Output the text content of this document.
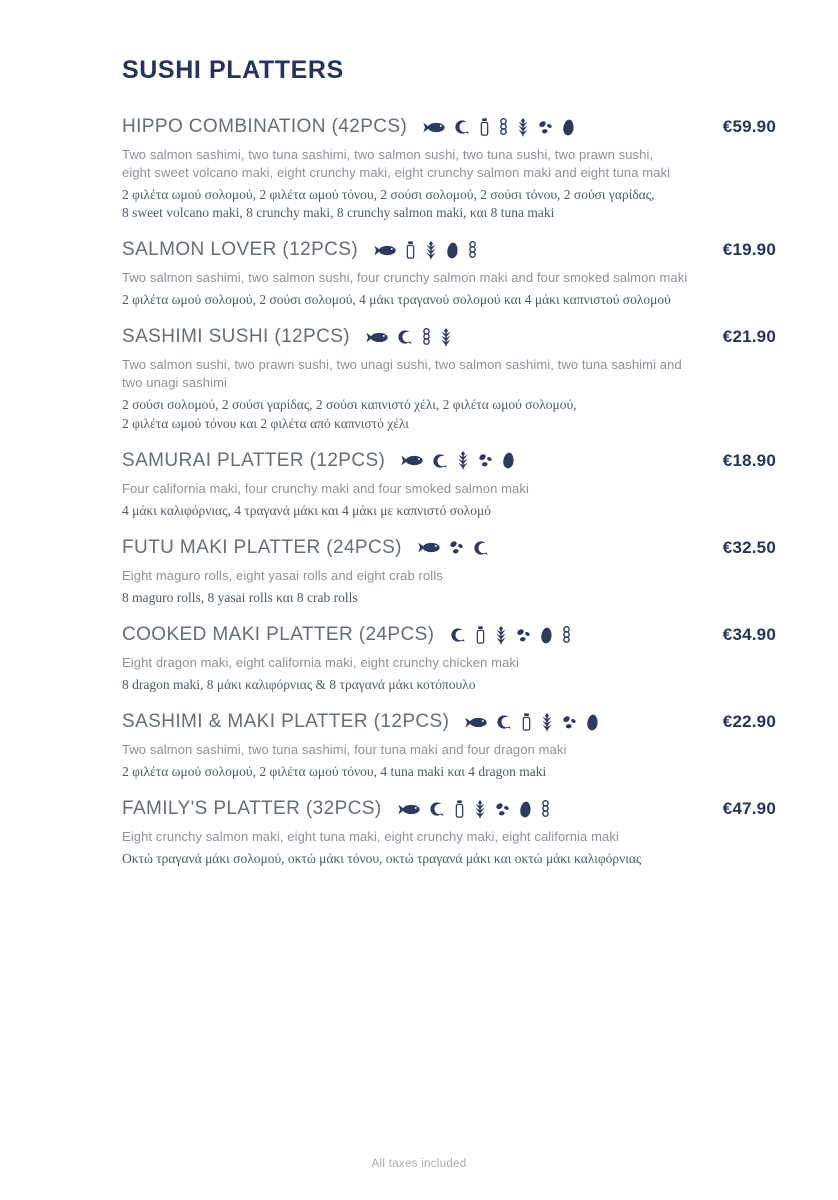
SUSHI PLATTERS
HIPPO COMBINATION (42PCS)	€59.90

Two salmon sashimi, two tuna sashimi, two salmon sushi, two tuna sushi, two prawn sushi,
eight sweet volcano maki, eight crunchy maki, eight crunchy salmon maki and eight tuna maki

2 φιλέτα ωμού σολομού, 2 φιλέτα ωμού τόνου, 2 σούσι σολομού, 2 σούσι τόνου, 2 σούσι γαρίδας,
8 sweet volcano maki, 8 crunchy maki, 8 crunchy salmon maki, και 8 tuna maki

SALMON LOVER (12PCS)	€19.90

Two salmon sashimi, two salmon sushi, four crunchy salmon maki and four smoked salmon maki

2 φιλέτα ωμού σολομού, 2 σούσι σολομού, 4 μάκι τραγανού σολομού και 4 μάκι καπνιστού σολομού

SASHIMI SUSHI (12PCS)	€21.90

Two salmon sushi, two prawn sushi, two unagi sushi, two salmon sashimi, two tuna sashimi and
two unagi sashimi

2 σούσι σολομού, 2 σούσι γαρίδας, 2 σούσι καπνιστό χέλι, 2 φιλέτα ωμού σολομού,
2 φιλέτα ωμού τόνου και 2 φιλέτα από καπνιστό χέλι

SAMURAI PLATTER (12PCS)	€18.90

Four california maki, four crunchy maki and four smoked salmon maki

4 μάκι καλιφόρνιας, 4 τραγανά μάκι και 4 μάκι με καπνιστό σολομό

FUTU MAKI PLATTER (24PCS)	€32.50

Eight maguro rolls, eight yasai rolls and eight crab rolls

8 maguro rolls, 8 yasai rolls και 8 crab rolls

COOKED MAKI PLATTER (24PCS)	€34.90

Eight dragon maki, eight california maki, eight crunchy chicken maki

8 dragon maki, 8 μάκι καλιφόρνιας & 8 τραγανά μάκι κοτόπουλο

SASHIMI & MAKI PLATTER (12PCS)	€22.90

Two salmon sashimi, two tuna sashimi, four tuna maki and four dragon maki

2 φιλέτα ωμού σολομού, 2 φιλέτα ωμού τόνου, 4 tuna maki και 4 dragon maki

FAMILY'S PLATTER (32PCS)	€47.90

Eight crunchy salmon maki, eight tuna maki, eight crunchy maki, eight california maki

Οκτώ τραγανά μάκι σολομού, οκτώ μάκι τόνου, οκτώ τραγανά μάκι και οκτώ μάκι καλιφόρνιας

All taxes included
